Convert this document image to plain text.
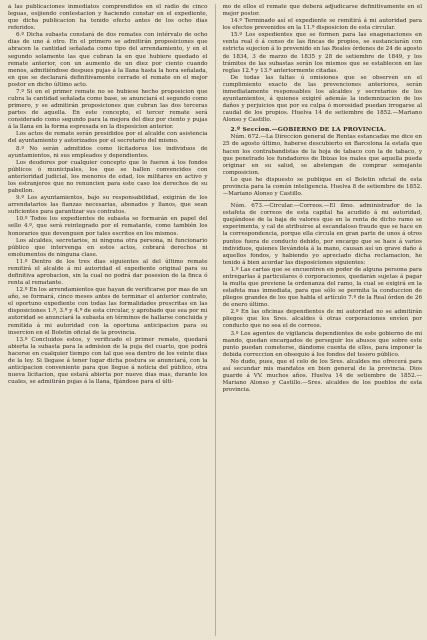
á las publicaciones inmediatos comprendidos en el rádio de cinco leguas, esijiendo contestacion y haciendo constar en el expediente, que dicha publicacion ha tenido efecto antes de los ocho dias referidos.

6.º Dicha subasta constará de dos remates con intérvalo de ocho dias de uno á otro. En el primero se admitirán proposiciones que abracen la cantidad señalada como tipo del arrendamiento, y en el segundo solamente las que cubran la en que hubiere quedado el remate anterior, con un aumento de un diez por ciento cuando menos, admitiéndose despues pujas á la llana hasta la hora señalada, en que se declarará definitivamente cerrado el remate en el mejor postor en dicho último acto.

7.º Si en el primer remate no se hubiese hecho proposicion que cubra la cantidad señalada como base, se anunciará el segundo como primero, y se admitirán proposiciones que cubran las dos terceras partes de aquella. En este concepto, el tercer remate será considerado como segundo para la mejora del diez por ciento y pujas á la llana en la forma espresada en la disposicion anterior.

Los actos de remate serán presididos por el alcalde con asistencia del ayuntamiento y autorizados por el secretario del mismo.

8.º No serán admitidos como licitadores los individuos de ayuntamientos, ni sus empleados y dependientes.

Los deudores por cualquier concepto que lo fueren á los fondos públicos ó municipales, los que se hallen convencidos con anterioridad judicial, los menores de edad, los militares en activo y los estranjeros que no renuncien para este caso los derechos de su pabellon.

9.º Los ayuntamientos, bajo su responsabilidad, exigirán de los arrendatarios las fianzas necesarias, abonados y llanos, que sean suficientes para garantizar sus contratos.

10.º Todos los expedientes de subasta se formarán en papel del sello 4.º, que será reintegrado por el rematante, como también los honorarios que devenguen por tales escritos en los mismos.

Los alcaldes, secretarios, ni ninguna otra persona, ni funcionario público que intervenga en estos actos, cobrará derechos ni emolumentos de ninguna clase.

11.º Dentro de los tres dias siguientes al del último remate remitirá el alcalde á mi autoridad el expediente original para su definitiva aprobacion, sin la cual no podrá dar posesion de la finca ó renta al rematante.

12.º En los arrendamientos que hayan de verificarse por mas de un año, se formará, cinco meses antes de terminar el anterior contrato, el oportuno expediente con todas las formalidades prescritas en las disposiciones 1.ª, 3.ª y 4.ª de esta circular, y aprobado que sea por mi autoridad se anunciará la subasta en términos de hallarse concluida y remitida á mi autoridad con la oportuna anticipacion para su insercion en el Boletin oficial de la provincia.

13.º Concluidos estos, y verificado el primer remate, quedará abierta la subasta para la admision de la puja del cuarto, que podrá hacerse en cualquier tiempo con tal que sea dentro de los veinte dias de la ley. Si llegase á tener lugar dicha postura se anunciará, con la anticipacion conveniente para que llegue á noticia del público, otra nueva licitacion, que estará abierta por nueve dias mas, durante los cuales, se admitirán pujas á la llana, fijándose para el últi-

mo de ellos el remate que deberá adjudicarse definitivamente en el mejor postor.

14.º Terminado así el expediente se remitirá á mi autoridad para los efectos prevenidos en la 11.ª disposicion de esta circular.

15.º Los expedientes que se formen para las enagenaciones en venta real ó á censo de las fincas de propios, se sustanciarán con estricta sujecion á lo prevenido en las Reales órdenes de 24 de agosto de 1834, 3 de marzo de 1835 y 28 de setiembre de 1849, y los trámites de las subastas serán los mismos que se establecen en las reglas 12.ª y 13.ª anteriormente citadas.

De todas las faltas ú omisiones que se observen en el cumplimiento exacto de las prevenciones anteriores, serán inmediatamente responsables los alcaldes y secretarios de los ayuntamientos, á quienes exigiré además la indemnizacion de los daños y perjuicios que por su culpa ó morosidad puedan irrogarse al caudal de los propios. Huelva 14 de setiembre de 1852.—Mariano Alonso y Castillo.

2.º Seccion.—GOBIERNO DE LA PROVINCIA.

Núm. 672.—La Direccion general de Rentas estancadas me dice en 25 de agosto último, haberse descubierto en Barcelona la estafa que hacen los contrabandistas de la hoja de tabaco con la de tabaco, y que penetrado los fundadores de Ibizas los males que aquella pueda originar en su salud, se abstengan de comprar semejante composicion.

Lo que he dispuesto se publique en el Boletin oficial de esta provincia para la común inteligencia. Huelva 8 de setiembre de 1852.—Mariano Alonso y Castillo.

Núm. 673.—Circular.—Correos.—El ilmo. administrador de la estafeta de correos de esta capital ha acudido á mi autoridad, quejándose de la baja de valores que en la renta de dicho ramo se experimenta, y cal de atribuirse al escandaloso fraude que se hace en la correspondencia, porque ella circula en gran parte de unos á otros puntos fuera de conducto debido, por encargo que se hace á varios individuos, quienes llevándola á la mano, causan así un grave daño á aquellos fondos, y habiendo yo apreciado dicha reclamacion, he tenido á bien acordar las disposiciones siguientes:

1.º Las cartas que se encuentren en poder de alguna persona para entregarlas á particulares ó corporaciones, quedarán sujetas á pagar la multa que previene la ordenanza del ramo, la cual se exigirá en la estafeta mas inmediata, para que sólo se permita la conduccion de pliegos grandes de los que habla el artículo 7.º de la Real órden de 26 de enero último.

2.º En las oficinas dependientes de mi autoridad no se admitirán pliegos que los Sres. alcaldes ú otras corporaciones envíen por conducto que no sea el de correos.

3.º Los agentes de vigilancia dependientes de este gobierno de mi mando, quedan encargados de perseguir los abusos que sobre este punto puedan cometerse, dándome cuenta de ellos, para imponer la debida correccion en obsequio á los fondos del tesoro público.

No dudo, pues, que el celo de los Sres. alcaldes me ofrecerá para así secundar mis mandatos en bien general de la provincia. Dios guarde á VV. muchos años. Huelva 14 de setiembre de 1852.—Mariano Alonso y Castillo.—Sres. alcaldes de los pueblos de esta provincia.
